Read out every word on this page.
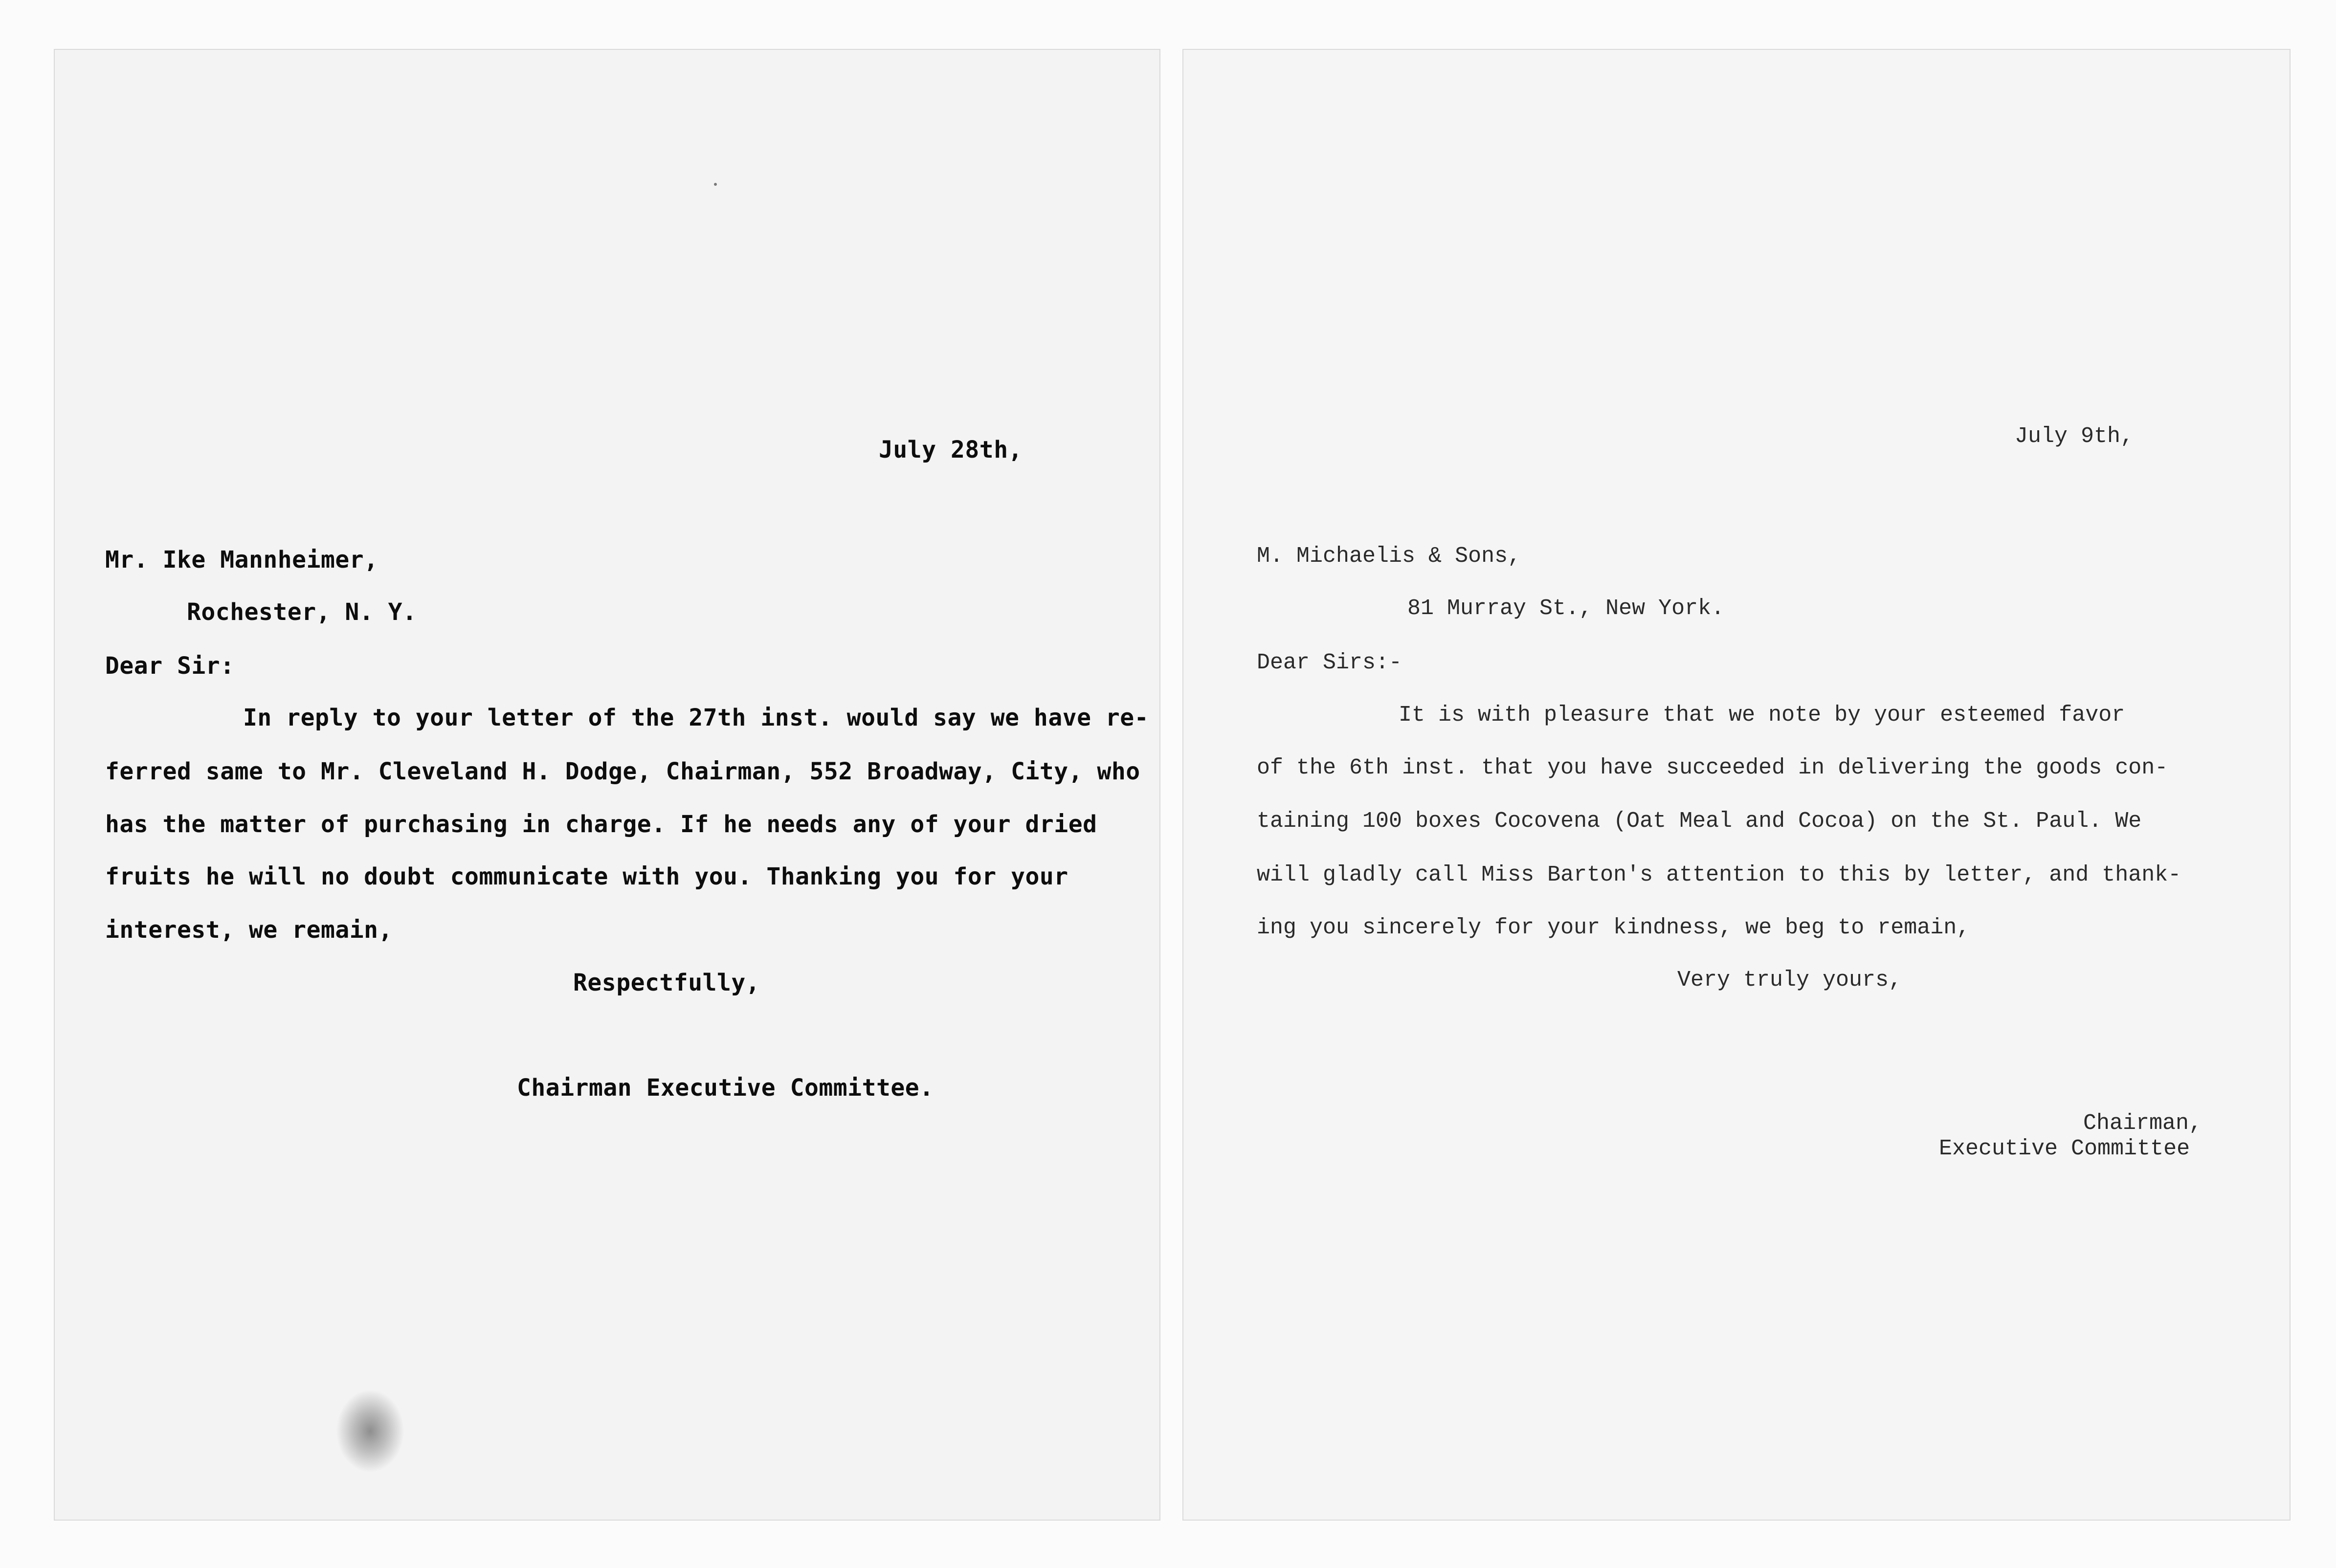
July 28th,
Mr. Ike Mannheimer,
Rochester, N. Y.
Dear Sir:
In reply to your letter of the 27th inst. would say we have re-
ferred same to Mr. Cleveland H. Dodge, Chairman, 552 Broadway, City, who
has the matter of purchasing in charge. If he needs any of your dried
fruits he will no doubt communicate with you. Thanking you for your
interest, we remain,
Respectfully,
Chairman Executive Committee.
July 9th,
M. Michaelis & Sons,
81 Murray St., New York.
Dear Sirs:-
It is with pleasure that we note by your esteemed favor
of the 6th inst. that you have succeeded in delivering the goods con-
taining 100 boxes Cocovena (Oat Meal and Cocoa) on the St. Paul. We
will gladly call Miss Barton's attention to this by letter, and thank-
ing you sincerely for your kindness, we beg to remain,
Very truly yours,
Chairman,
Executive Committee
